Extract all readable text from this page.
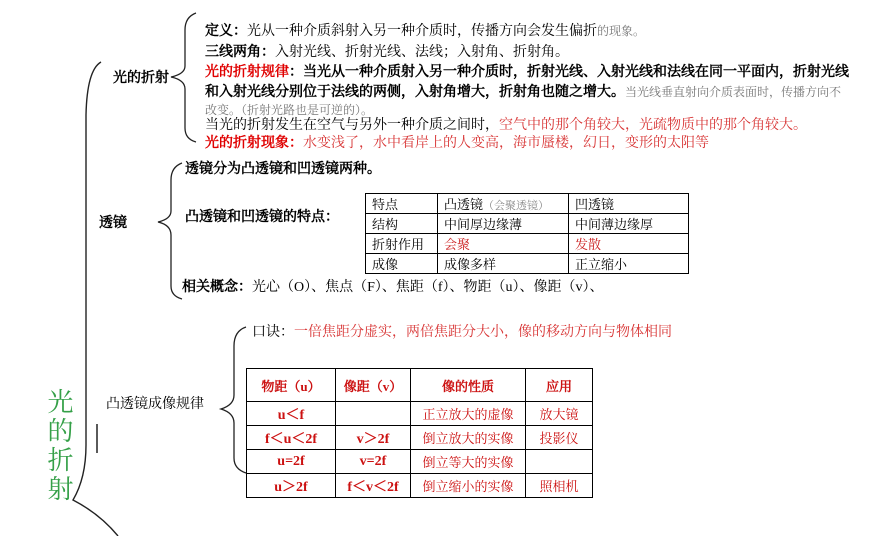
光的折射
光的折射
透镜
凸透镜成像规律
定义：光从一种介质斜射入另一种介质时，传播方向会发生偏折的现象。
三线两角：入射光线、折射光线、法线；入射角、折射角。
光的折射规律：当光从一种介质射入另一种介质时，折射光线、入射光线和法线在同一平面内，折射光线
和入射光线分别位于法线的两侧，入射角增大，折射角也随之增大。当光线垂直射向介质表面时，传播方向不
改变。（折射光路也是可逆的）。
当光的折射发生在空气与另外一种介质之间时，空气中的那个角较大，光疏物质中的那个角较大。
光的折射现象：水变浅了，水中看岸上的人变高，海市蜃楼，幻日，变形的太阳等
透镜分为凸透镜和凹透镜两种。
凸透镜和凹透镜的特点：
特点	凸透镜（会聚透镜）	凹透镜
结构	中间厚边缘薄	中间薄边缘厚
折射作用	会聚	发散
成像	成像多样	正立缩小
相关概念：光心（O）、焦点（F）、焦距（f）、物距（u）、像距（v）、
口诀：一倍焦距分虚实，两倍焦距分大小，像的移动方向与物体相同
物距（u）	像距（v）	像的性质	应用
u＜f		正立放大的虚像	放大镜
f＜u＜2f	v＞2f	倒立放大的实像	投影仪
u=2f	v=2f	倒立等大的实像	
u＞2f	f＜v＜2f	倒立缩小的实像	照相机
